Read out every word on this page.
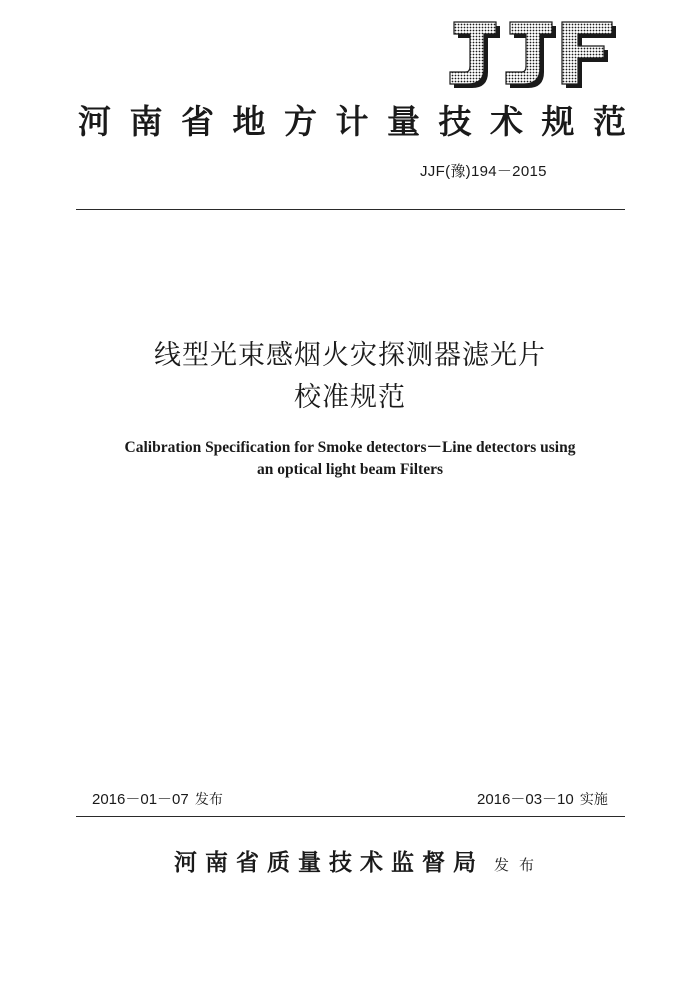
河 南 省 地 方 计 量 技 术 规 范
JJF(豫)194－2015
线型光束感烟火灾探测器滤光片
校准规范
Calibration Specification for Smoke detectors－Line detectors using
an optical light beam Filters
2016－01－07 发布	2016－03－10 实施
河南省质量技术监督局 发布
